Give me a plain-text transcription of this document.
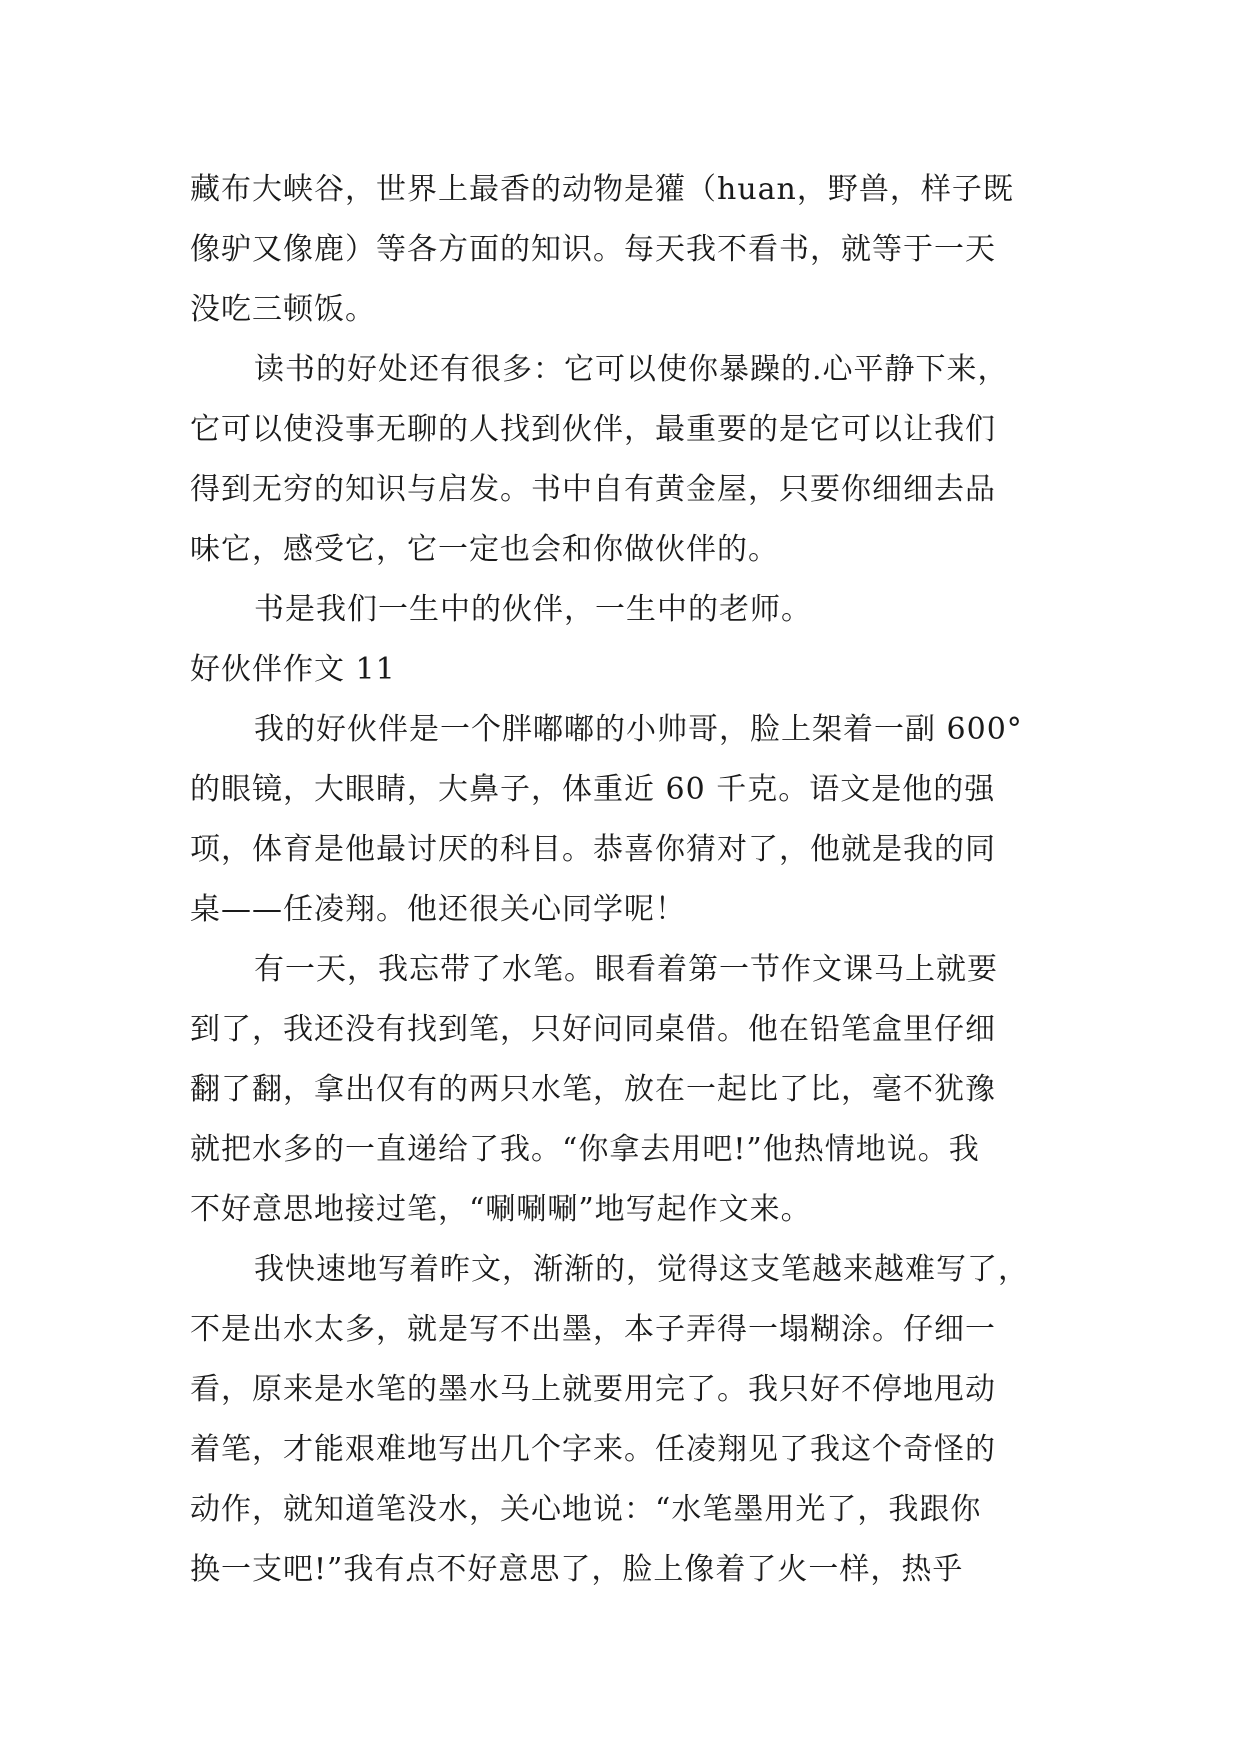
藏布大峡谷，世界上最香的动物是獾（huan，野兽，样子既
像驴又像鹿）等各方面的知识。每天我不看书，就等于一天
没吃三顿饭。
读书的好处还有很多：它可以使你暴躁的.心平静下来，
它可以使没事无聊的人找到伙伴，最重要的是它可以让我们
得到无穷的知识与启发。书中自有黄金屋，只要你细细去品
味它，感受它，它一定也会和你做伙伴的。
书是我们一生中的伙伴，一生中的老师。
好伙伴作文 11
我的好伙伴是一个胖嘟嘟的小帅哥，脸上架着一副 600°
的眼镜，大眼睛，大鼻子，体重近 60 千克。语文是他的强
项，体育是他最讨厌的科目。恭喜你猜对了，他就是我的同
桌——任凌翔。他还很关心同学呢！
有一天，我忘带了水笔。眼看着第一节作文课马上就要
到了，我还没有找到笔，只好问同桌借。他在铅笔盒里仔细
翻了翻，拿出仅有的两只水笔，放在一起比了比，毫不犹豫
就把水多的一直递给了我。“你拿去用吧!”他热情地说。我
不好意思地接过笔，“唰唰唰”地写起作文来。
我快速地写着昨文，渐渐的，觉得这支笔越来越难写了，
不是出水太多，就是写不出墨，本子弄得一塌糊涂。仔细一
看，原来是水笔的墨水马上就要用完了。我只好不停地甩动
着笔，才能艰难地写出几个字来。任凌翔见了我这个奇怪的
动作，就知道笔没水，关心地说：“水笔墨用光了，我跟你
换一支吧!”我有点不好意思了，脸上像着了火一样，热乎
